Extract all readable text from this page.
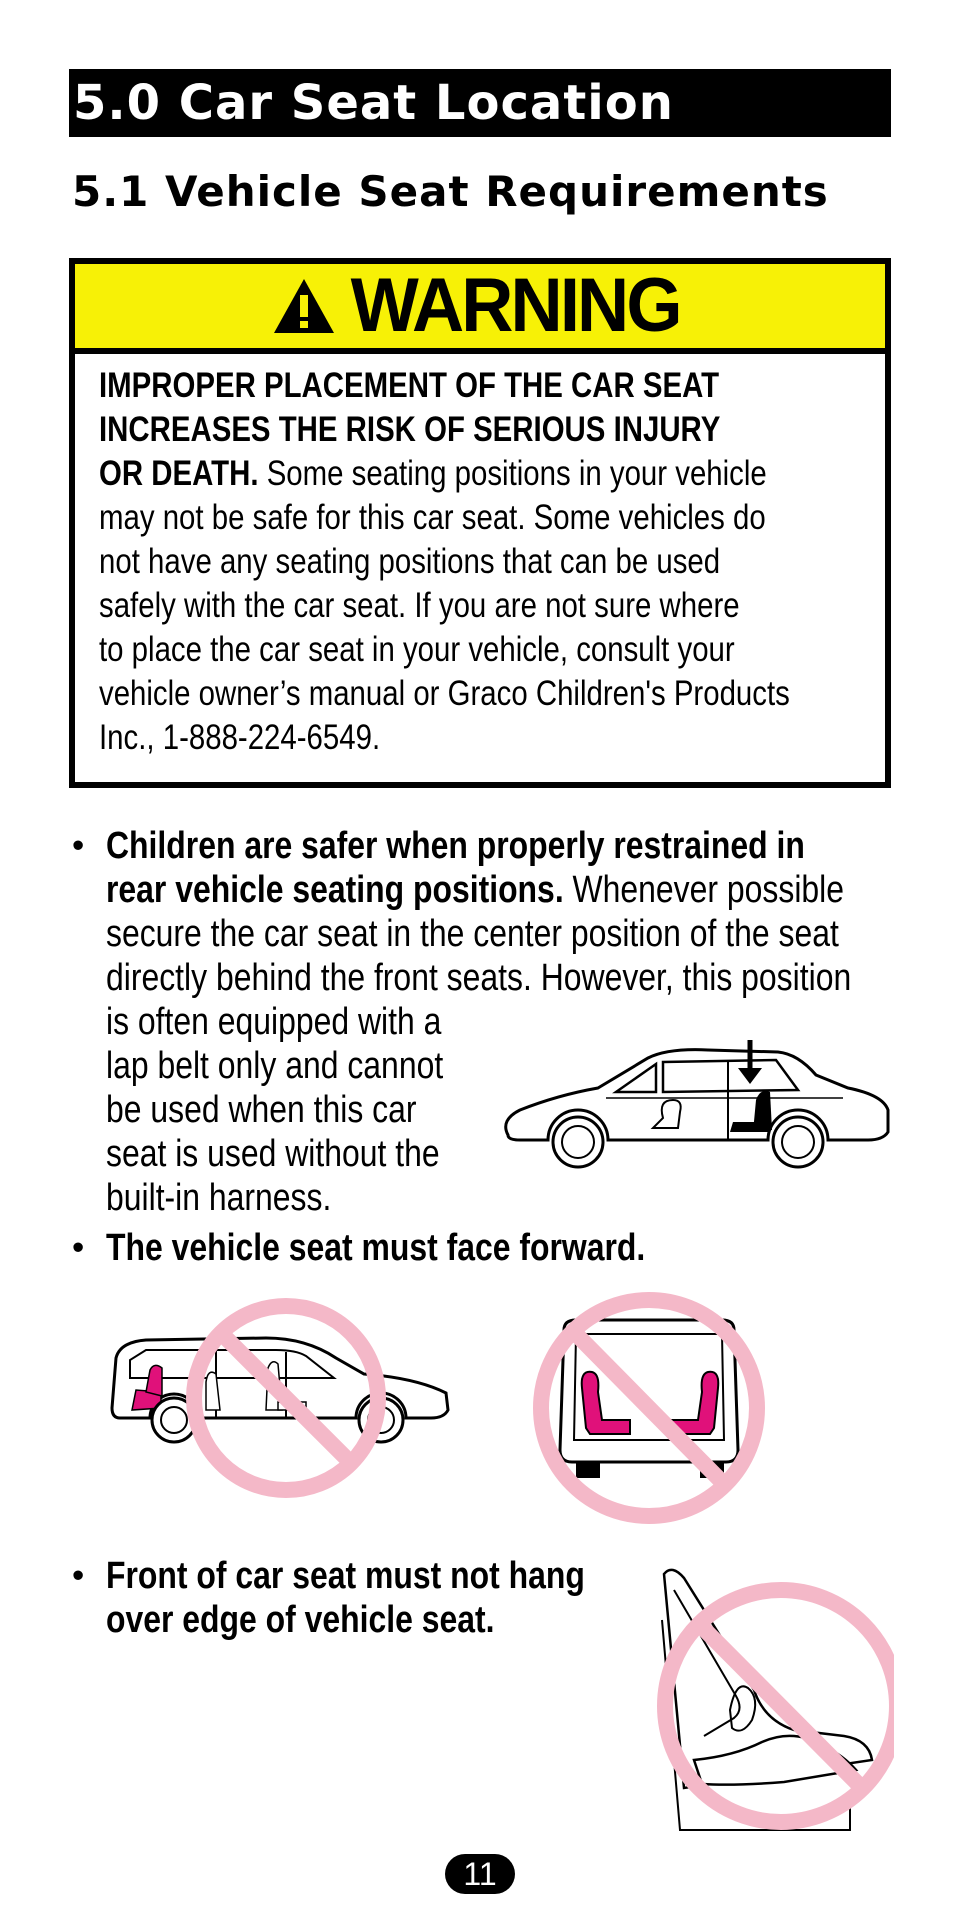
5.0 Car Seat Location
5.1 Vehicle Seat Requirements
WARNING
IMPROPER PLACEMENT OF THE CAR SEAT
INCREASES THE RISK OF SERIOUS INJURY
OR DEATH. Some seating positions in your vehicle
may not be safe for this car seat. Some vehicles do
not have any seating positions that can be used
safely with the car seat. If you are not sure where
to place the car seat in your vehicle, consult your
vehicle owner’s manual or Graco Children's Products
Inc., 1-888-224-6549.
• Children are safer when properly restrained in
rear vehicle seating positions. Whenever possible
secure the car seat in the center position of the seat
directly behind the front seats. However, this position
is often equipped with a
lap belt only and cannot
be used when this car
seat is used without the
built-in harness.
• The vehicle seat must face forward.
• Front of car seat must not hang
over edge of vehicle seat.
11
